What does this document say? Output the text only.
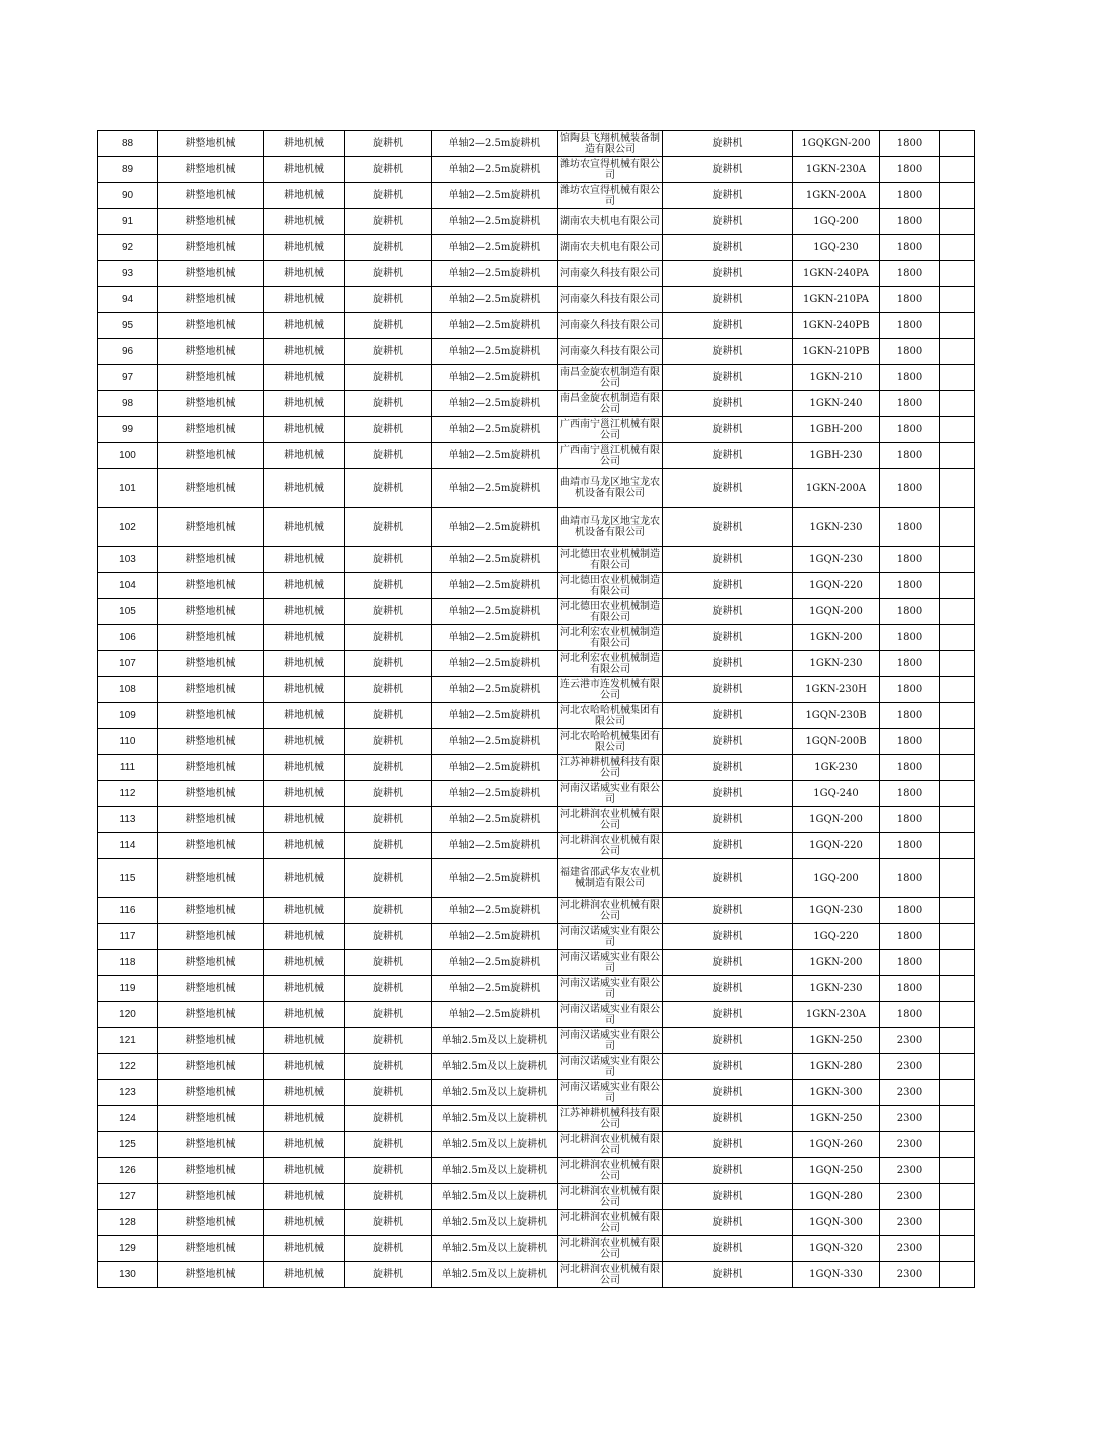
88	耕整地机械	耕地机械	旋耕机	单轴2—2.5m旋耕机	馆陶县飞翔机械装备制造有限公司	旋耕机	1GQKGN-200	1800	
89	耕整地机械	耕地机械	旋耕机	单轴2—2.5m旋耕机	潍坊农宣得机械有限公司	旋耕机	1GKN-230A	1800	
90	耕整地机械	耕地机械	旋耕机	单轴2—2.5m旋耕机	潍坊农宣得机械有限公司	旋耕机	1GKN-200A	1800	
91	耕整地机械	耕地机械	旋耕机	单轴2—2.5m旋耕机	湖南农夫机电有限公司	旋耕机	1GQ-200	1800	
92	耕整地机械	耕地机械	旋耕机	单轴2—2.5m旋耕机	湖南农夫机电有限公司	旋耕机	1GQ-230	1800	
93	耕整地机械	耕地机械	旋耕机	单轴2—2.5m旋耕机	河南豪久科技有限公司	旋耕机	1GKN-240PA	1800	
94	耕整地机械	耕地机械	旋耕机	单轴2—2.5m旋耕机	河南豪久科技有限公司	旋耕机	1GKN-210PA	1800	
95	耕整地机械	耕地机械	旋耕机	单轴2—2.5m旋耕机	河南豪久科技有限公司	旋耕机	1GKN-240PB	1800	
96	耕整地机械	耕地机械	旋耕机	单轴2—2.5m旋耕机	河南豪久科技有限公司	旋耕机	1GKN-210PB	1800	
97	耕整地机械	耕地机械	旋耕机	单轴2—2.5m旋耕机	南昌金旋农机制造有限公司	旋耕机	1GKN-210	1800	
98	耕整地机械	耕地机械	旋耕机	单轴2—2.5m旋耕机	南昌金旋农机制造有限公司	旋耕机	1GKN-240	1800	
99	耕整地机械	耕地机械	旋耕机	单轴2—2.5m旋耕机	广西南宁邕江机械有限公司	旋耕机	1GBH-200	1800	
100	耕整地机械	耕地机械	旋耕机	单轴2—2.5m旋耕机	广西南宁邕江机械有限公司	旋耕机	1GBH-230	1800	
101	耕整地机械	耕地机械	旋耕机	单轴2—2.5m旋耕机	曲靖市马龙区地宝龙农机设备有限公司	旋耕机	1GKN-200A	1800	
102	耕整地机械	耕地机械	旋耕机	单轴2—2.5m旋耕机	曲靖市马龙区地宝龙农机设备有限公司	旋耕机	1GKN-230	1800	
103	耕整地机械	耕地机械	旋耕机	单轴2—2.5m旋耕机	河北德田农业机械制造有限公司	旋耕机	1GQN-230	1800	
104	耕整地机械	耕地机械	旋耕机	单轴2—2.5m旋耕机	河北德田农业机械制造有限公司	旋耕机	1GQN-220	1800	
105	耕整地机械	耕地机械	旋耕机	单轴2—2.5m旋耕机	河北德田农业机械制造有限公司	旋耕机	1GQN-200	1800	
106	耕整地机械	耕地机械	旋耕机	单轴2—2.5m旋耕机	河北利宏农业机械制造有限公司	旋耕机	1GKN-200	1800	
107	耕整地机械	耕地机械	旋耕机	单轴2—2.5m旋耕机	河北利宏农业机械制造有限公司	旋耕机	1GKN-230	1800	
108	耕整地机械	耕地机械	旋耕机	单轴2—2.5m旋耕机	连云港市连发机械有限公司	旋耕机	1GKN-230H	1800	
109	耕整地机械	耕地机械	旋耕机	单轴2—2.5m旋耕机	河北农哈哈机械集团有限公司	旋耕机	1GQN-230B	1800	
110	耕整地机械	耕地机械	旋耕机	单轴2—2.5m旋耕机	河北农哈哈机械集团有限公司	旋耕机	1GQN-200B	1800	
111	耕整地机械	耕地机械	旋耕机	单轴2—2.5m旋耕机	江苏神耕机械科技有限公司	旋耕机	1GK-230	1800	
112	耕整地机械	耕地机械	旋耕机	单轴2—2.5m旋耕机	河南汉诺威实业有限公司	旋耕机	1GQ-240	1800	
113	耕整地机械	耕地机械	旋耕机	单轴2—2.5m旋耕机	河北耕润农业机械有限公司	旋耕机	1GQN-200	1800	
114	耕整地机械	耕地机械	旋耕机	单轴2—2.5m旋耕机	河北耕润农业机械有限公司	旋耕机	1GQN-220	1800	
115	耕整地机械	耕地机械	旋耕机	单轴2—2.5m旋耕机	福建省邵武华友农业机械制造有限公司	旋耕机	1GQ-200	1800	
116	耕整地机械	耕地机械	旋耕机	单轴2—2.5m旋耕机	河北耕润农业机械有限公司	旋耕机	1GQN-230	1800	
117	耕整地机械	耕地机械	旋耕机	单轴2—2.5m旋耕机	河南汉诺威实业有限公司	旋耕机	1GQ-220	1800	
118	耕整地机械	耕地机械	旋耕机	单轴2—2.5m旋耕机	河南汉诺威实业有限公司	旋耕机	1GKN-200	1800	
119	耕整地机械	耕地机械	旋耕机	单轴2—2.5m旋耕机	河南汉诺威实业有限公司	旋耕机	1GKN-230	1800	
120	耕整地机械	耕地机械	旋耕机	单轴2—2.5m旋耕机	河南汉诺威实业有限公司	旋耕机	1GKN-230A	1800	
121	耕整地机械	耕地机械	旋耕机	单轴2.5m及以上旋耕机	河南汉诺威实业有限公司	旋耕机	1GKN-250	2300	
122	耕整地机械	耕地机械	旋耕机	单轴2.5m及以上旋耕机	河南汉诺威实业有限公司	旋耕机	1GKN-280	2300	
123	耕整地机械	耕地机械	旋耕机	单轴2.5m及以上旋耕机	河南汉诺威实业有限公司	旋耕机	1GKN-300	2300	
124	耕整地机械	耕地机械	旋耕机	单轴2.5m及以上旋耕机	江苏神耕机械科技有限公司	旋耕机	1GKN-250	2300	
125	耕整地机械	耕地机械	旋耕机	单轴2.5m及以上旋耕机	河北耕润农业机械有限公司	旋耕机	1GQN-260	2300	
126	耕整地机械	耕地机械	旋耕机	单轴2.5m及以上旋耕机	河北耕润农业机械有限公司	旋耕机	1GQN-250	2300	
127	耕整地机械	耕地机械	旋耕机	单轴2.5m及以上旋耕机	河北耕润农业机械有限公司	旋耕机	1GQN-280	2300	
128	耕整地机械	耕地机械	旋耕机	单轴2.5m及以上旋耕机	河北耕润农业机械有限公司	旋耕机	1GQN-300	2300	
129	耕整地机械	耕地机械	旋耕机	单轴2.5m及以上旋耕机	河北耕润农业机械有限公司	旋耕机	1GQN-320	2300	
130	耕整地机械	耕地机械	旋耕机	单轴2.5m及以上旋耕机	河北耕润农业机械有限公司	旋耕机	1GQN-330	2300	
